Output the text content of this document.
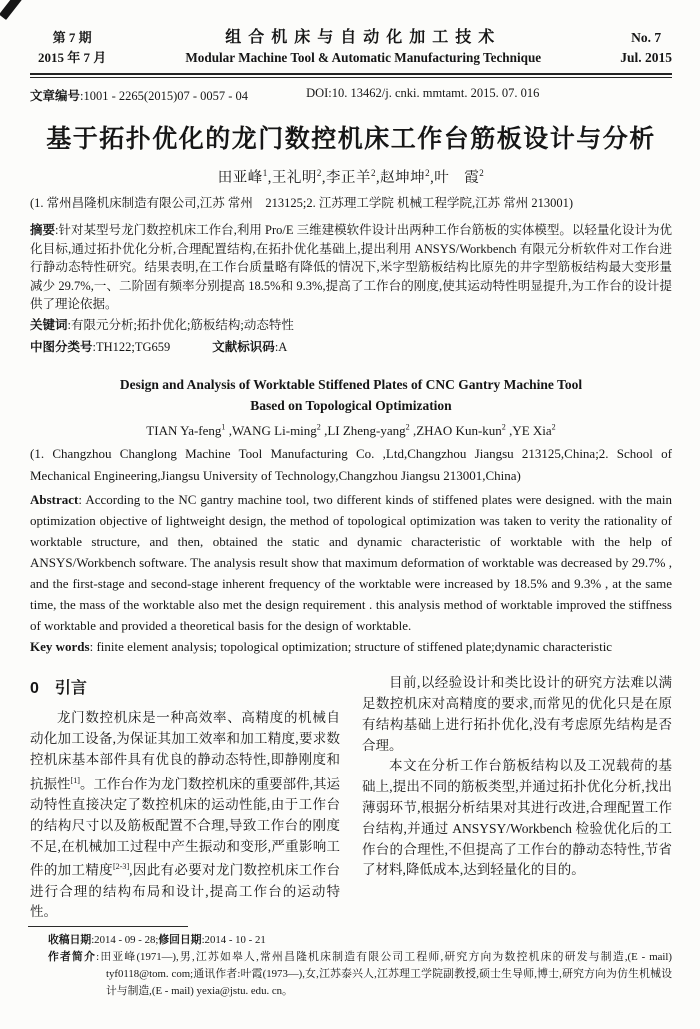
第 7 期
2015 年 7 月
组合机床与自动化加工技术
Modular Machine Tool & Automatic Manufacturing Technique
No. 7
Jul. 2015
文章编号:1001 - 2265(2015)07 - 0057 - 04	DOI:10. 13462/j. cnki. mmtamt. 2015. 07. 016
基于拓扑优化的龙门数控机床工作台筋板设计与分析
田亚峰$^1$,王礼明$^2$,李正羊$^2$,赵坤坤$^2$,叶　霞$^2$
(1. 常州昌隆机床制造有限公司,江苏 常州　213125;2. 江苏理工学院 机械工程学院,江苏 常州 213001)

摘要:针对某型号龙门数控机床工作台,利用 Pro/E 三维建模软件设计出两种工作台筋板的实体模型。以轻量化设计为优化目标,通过拓扑优化分析,合理配置结构,在拓扑优化基础上,提出利用 ANSYS/Workbench 有限元分析软件对工作台进行静动态特性研究。结果表明,在工作台质量略有降低的情况下,米字型筋板结构比原先的井字型筋板结构最大变形量减少 29.7%,一、二阶固有频率分别提高 18.5%和 9.3%,提高了工作台的刚度,使其运动特性明显提升,为工作台的设计提供了理论依据。

关键词:有限元分析;拓扑优化;筋板结构;动态特性

中图分类号:TH122;TG659	文献标识码:A

Design and Analysis of Worktable Stiffened Plates of CNC Gantry Machine Tool
Based on Topological Optimization
TIAN Ya-feng$^1$ ,WANG Li-ming$^2$ ,LI Zheng-yang$^2$ ,ZHAO Kun-kun$^2$ ,YE Xia$^2$
(1. Changzhou Changlong Machine Tool Manufacturing Co. ,Ltd,Changzhou Jiangsu 213125,China;2. School of Mechanical Engineering,Jiangsu University of Technology,Changzhou Jiangsu 213001,China)

Abstract: According to the NC gantry machine tool, two different kinds of stiffened plates were designed. with the main optimization objective of lightweight design, the method of topological optimization was taken to verity the rationality of worktable structure, and then, obtained the static and dynamic characteristic of worktable with the help of ANSYS/Workbench software. The analysis result show that maximum deformation of worktable was decreased by 29.7% , and the first-stage and second-stage inherent frequency of the worktable were increased by 18.5% and 9.3% , at the same time, the mass of the worktable also met the design requirement . this analysis method of worktable improved the stiffness of worktable and provided a theoretical basis for the design of worktable.

Key words: finite element analysis; topological optimization; structure of stiffened plate;dynamic characteristic

0 引言

龙门数控机床是一种高效率、高精度的机械自动化加工设备,为保证其加工效率和加工精度,要求数控机床基本部件具有优良的静动态特性,即静刚度和抗振性[1]。工作台作为龙门数控机床的重要部件,其运动特性直接决定了数控机床的运动性能,由于工作台的结构尺寸以及筋板配置不合理,导致工作台的刚度不足,在机械加工过程中产生振动和变形,严重影响工件的加工精度[2-3],因此有必要对龙门数控机床工作台进行合理的结构布局和设计,提高工作台的运动特性。

目前,以经验设计和类比设计的研究方法难以满足数控机床对高精度的要求,而常见的优化只是在原有结构基础上进行拓扑优化,没有考虑原先结构是否合理。

本文在分析工作台筋板结构以及工况载荷的基础上,提出不同的筋板类型,并通过拓扑优化分析,找出薄弱环节,根据分析结果对其进行改进,合理配置工作台结构,并通过 ANSYSY/Workbench 检验优化后的工作台的合理性,不但提高了工作台的静动态特性,节省了材料,降低成本,达到轻量化的目的。

收稿日期:2014 - 09 - 28;修回日期:2014 - 10 - 21

作者简介:田亚峰(1971—),男,江苏如皋人,常州昌隆机床制造有限公司工程师,研究方向为数控机床的研发与制造,(E - mail) tyf0118@tom. com;通讯作者:叶霞(1973—),女,江苏泰兴人,江苏理工学院副教授,硕士生导师,博士,研究方向为仿生机械设计与制造,(E - mail) yexia@jstu. edu. cn。
